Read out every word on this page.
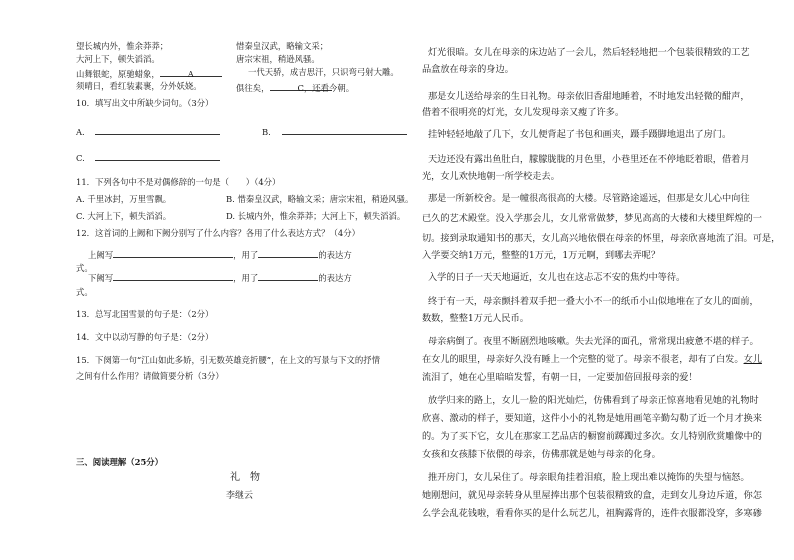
望长城内外，惟余莽莽；
大河上下，顿失滔滔。
山舞银蛇，原驰蜡象，	A
须晴日，看红装素裹，分外妖娆。
惜秦皇汉武，略输文采；
唐宗宋祖，稍逊风骚。
一代天骄，成吉思汗，只识弯弓射大雕。
俱往矣，	C，还看今朝。
10．填写出文中所缺少词句。（3分）
A.	B.
C.
11．下列各句中不是对偶修辞的一句是（　　）（4分）
A. 千里冰封，万里雪飘。	B. 惜秦皇汉武，略输文采；唐宗宋祖，稍逊风骚。
C. 大河上下，顿失滔滔。	D. 长城内外，惟余莽莽；大河上下，顿失滔滔。
12．这首词的上阙和下阙分别写了什么内容？各用了什么表达方式？（4分）
上阙写	，用了	的表达方
式。
下阙写	，用了	的表达方
式。
13．总写北国雪景的句子是：（2分）
14．文中以动写静的句子是：（2分）
15．下阕第一句“江山如此多娇，引无数英雄竞折腰”，在上文的写景与下文的抒情
之间有什么作用？请做简要分析（3分）
三、阅读理解（25分）
礼　物
李继云
灯光很暗。女儿在母亲的床边站了一会儿，然后轻轻地把一个包装很精致的工艺
品盒放在母亲的身边。
那是女儿送给母亲的生日礼物。母亲依旧香甜地睡着，不时地发出轻微的酣声，
借着不很明亮的灯光，女儿发现母亲又瘦了许多。
挂钟轻轻地敲了几下，女儿便背起了书包和画夹，蹑手蹑脚地退出了房门。
天边还没有露出鱼肚白，朦朦胧胧的月色里，小巷里还在不停地眨着眼，借着月
光，女儿欢快地朝一所学校走去。
那是一所新校舍。是一幢很高很高的大楼。尽管路途遥远，但那是女儿心中向往
已久的艺术殿堂。没入学那会儿，女儿常常做梦，梦见高高的大楼和大楼里辉煌的一
切。接到录取通知书的那天，女儿高兴地依偎在母亲的怀里，母亲欣喜地流了泪。可是，
入学要交纳1万元，整整的1万元，1万元啊，到哪去弄呢？
入学的日子一天天地逼近，女儿也在这忐忑不安的焦灼中等待。
终于有一天，母亲颤抖着双手把一叠大小不一的纸币小山似地堆在了女儿的面前，
数数，整整1万元人民币。
母亲病倒了。夜里不断剧烈地咳嗽。失去光泽的面孔，常常现出疲惫不堪的样子。
在女儿的眼里，母亲好久没有睡上一个完整的觉了。母亲不很老，却有了白发。女儿
流泪了，她在心里暗暗发誓，有朝一日，一定要加倍回报母亲的爱！
放学归来的路上，女儿一脸的阳光灿烂，仿佛看到了母亲正惊喜地看见她的礼物时
欣喜、激动的样子，要知道，这件小小的礼物是她用画笔辛勤勾勒了近一个月才换来
的。为了买下它，女儿在那家工艺品店的橱窗前踯躅过多次。女儿特别欣赏雕像中的
女孩和女孩膝下依偎的母亲，仿佛那就是她与母亲的化身。
推开房门，女儿呆住了。母亲眼角挂着泪痕，脸上现出难以掩饰的失望与恼怒。
她刚想问，就见母亲转身从里屋捧出那个包装很精致的盒，走到女儿身边斥道，你怎
么学会乱花钱啦，看看你买的是什么玩艺儿，祖胸露背的，连件衣服都没穿，多寒碜
